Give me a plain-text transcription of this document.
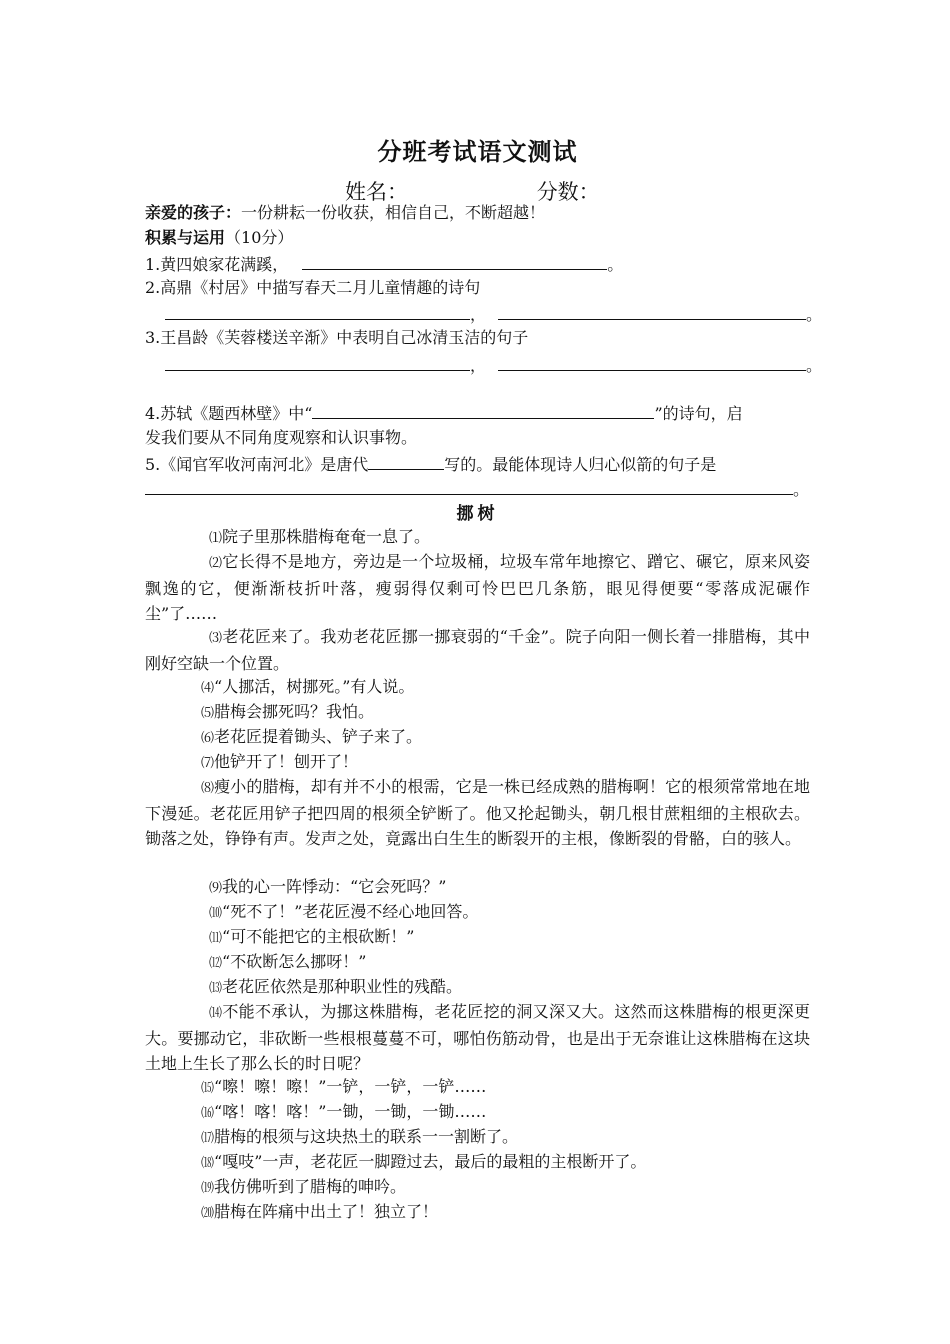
分班考试语文测试
姓名：	分数：
亲爱的孩子：一份耕耘一份收获，相信自己，不断超越！
积累与运用（10分）
1.黄四娘家花满蹊，	。
2.高鼎《村居》中描写春天二月儿童情趣的诗句
，	。
3.王昌龄《芙蓉楼送辛渐》中表明自己冰清玉洁的句子
，	。
4.苏轼《题西林壁》中“	”的诗句，启
发我们要从不同角度观察和认识事物。
5.《闻官军收河南河北》是唐代	写的。最能体现诗人归心似箭的句子是
。
挪树
⑴院子里那株腊梅奄奄一息了。
⑵它长得不是地方，旁边是一个垃圾桶，垃圾车常年地擦它、蹭它、碾它，原来风姿飘逸的它，便渐渐枝折叶落，瘦弱得仅剩可怜巴巴几条筋，眼见得便要“零落成泥碾作尘”了……
⑶老花匠来了。我劝老花匠挪一挪衰弱的“千金”。院子向阳一侧长着一排腊梅，其中刚好空缺一个位置。
⑷“人挪活，树挪死。”有人说。
⑸腊梅会挪死吗？我怕。
⑹老花匠提着锄头、铲子来了。
⑺他铲开了！刨开了！
⑻瘦小的腊梅，却有并不小的根需，它是一株已经成熟的腊梅啊！它的根须常常地在地下漫延。老花匠用铲子把四周的根须全铲断了。他又抡起锄头，朝几根甘蔗粗细的主根砍去。锄落之处，铮铮有声。发声之处，竟露出白生生的断裂开的主根，像断裂的骨骼，白的骇人。
⑼我的心一阵悸动：“它会死吗？”
⑽“死不了！”老花匠漫不经心地回答。
⑾“可不能把它的主根砍断！”
⑿“不砍断怎么挪呀！”
⒀老花匠依然是那种职业性的残酷。
⒁不能不承认，为挪这株腊梅，老花匠挖的洞又深又大。这然而这株腊梅的根更深更大。要挪动它，非砍断一些根根蔓蔓不可，哪怕伤筋动骨，也是出于无奈谁让这株腊梅在这块土地上生长了那么长的时日呢？
⒂“嚓！嚓！嚓！”一铲，一铲，一铲……
⒃“喀！喀！喀！”一锄，一锄，一锄……
⒄腊梅的根须与这块热土的联系一一割断了。
⒅“嘎吱”一声，老花匠一脚蹬过去，最后的最粗的主根断开了。
⒆我仿佛听到了腊梅的呻吟。
⒇腊梅在阵痛中出土了！独立了！
